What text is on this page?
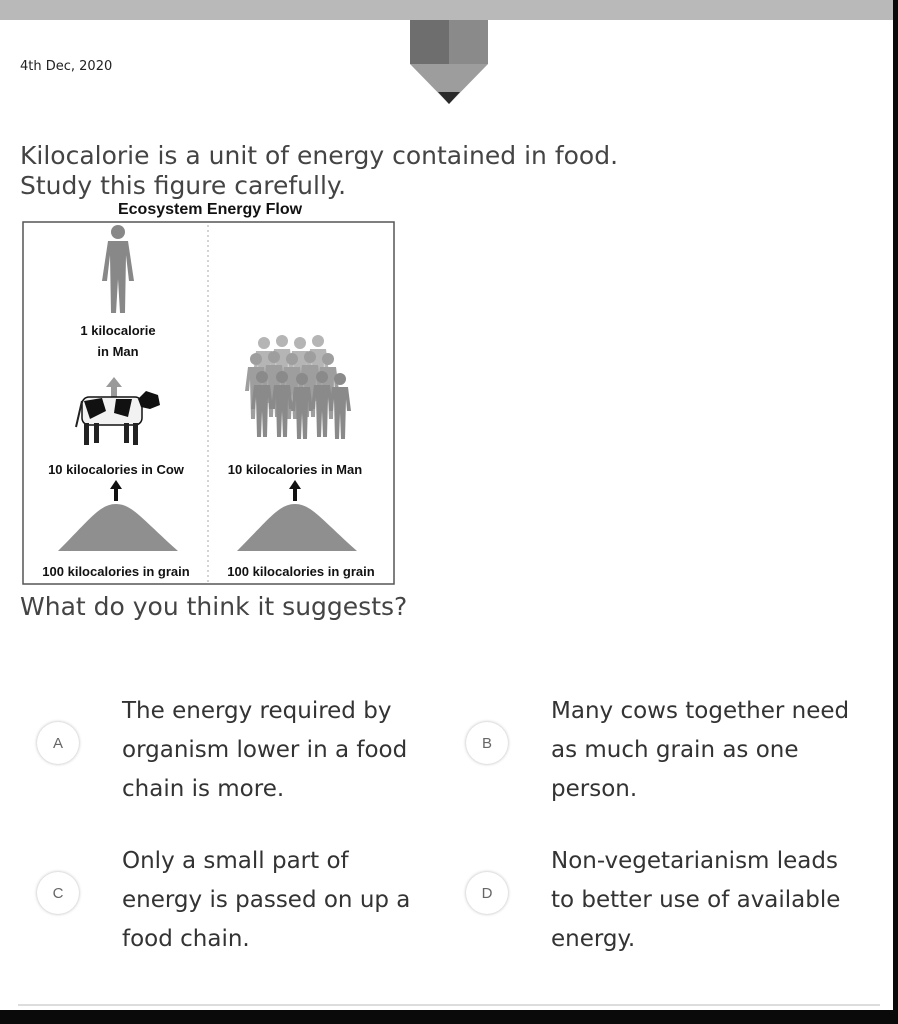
4th Dec, 2020
Kilocalorie is a unit of energy contained in food.
Study this figure carefully.
Ecosystem Energy Flow
1 kilocalorie
in Man
10 kilocalories in Cow	10 kilocalories in Man
100 kilocalories in grain	100 kilocalories in grain
What do you think it suggests?
A
The energy required by
organism lower in a food
chain is more.
B
Many cows together need
as much grain as one
person.
C
Only a small part of
energy is passed on up a
food chain.
D
Non-vegetarianism leads
to better use of available
energy.
